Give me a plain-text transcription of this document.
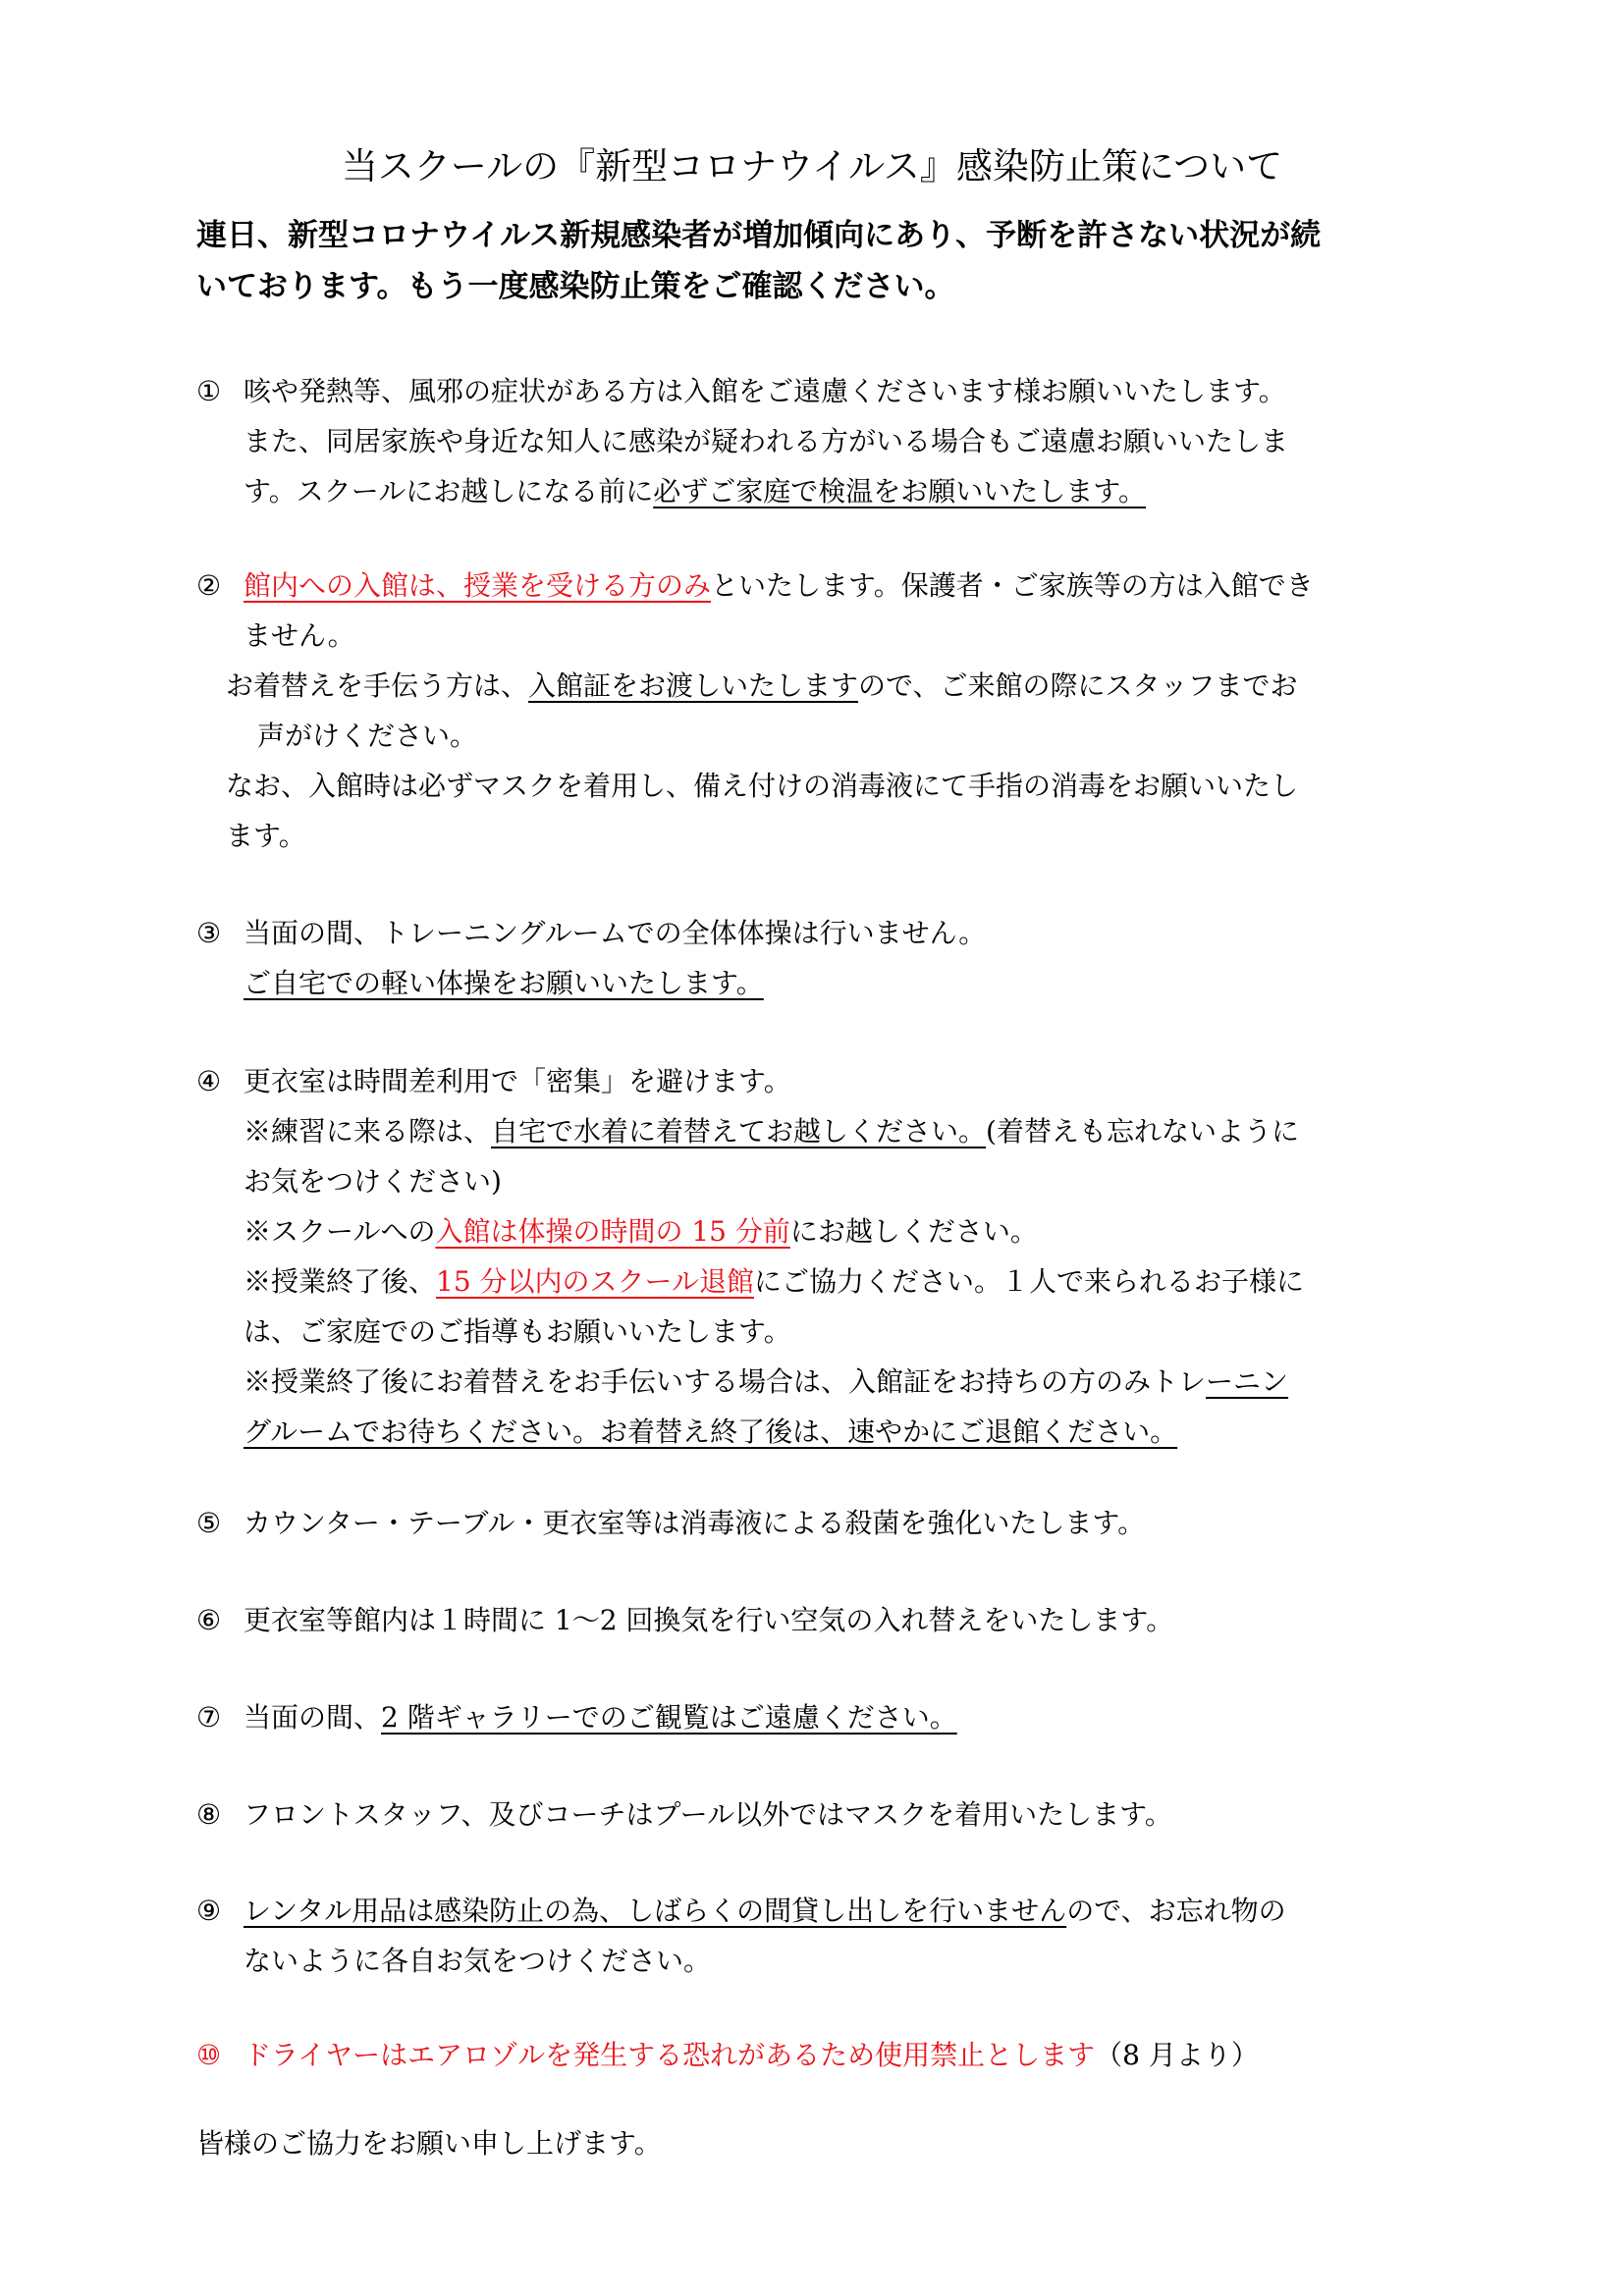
当スクールの『新型コロナウイルス』感染防止策について
連日、新型コロナウイルス新規感染者が増加傾向にあり、予断を許さない状況が続
いております。もう一度感染防止策をご確認ください。
① 咳や発熱等、風邪の症状がある方は入館をご遠慮くださいます様お願いいたします。
また、同居家族や身近な知人に感染が疑われる方がいる場合もご遠慮お願いいたしま
す。スクールにお越しになる前に必ずご家庭で検温をお願いいたします。
② 館内への入館は、授業を受ける方のみといたします。保護者・ご家族等の方は入館でき
ません。
お着替えを手伝う方は、入館証をお渡しいたしますので、ご来館の際にスタッフまでお
声がけください。
なお、入館時は必ずマスクを着用し、備え付けの消毒液にて手指の消毒をお願いいたし
ます。
③ 当面の間、トレーニングルームでの全体体操は行いません。
ご自宅での軽い体操をお願いいたします。
④ 更衣室は時間差利用で「密集」を避けます。
※練習に来る際は、自宅で水着に着替えてお越しください。(着替えも忘れないように
お気をつけください)
※スクールへの入館は体操の時間の 15 分前にお越しください。
※授業終了後、15 分以内のスクール退館にご協力ください。１人で来られるお子様に
は、ご家庭でのご指導もお願いいたします。
※授業終了後にお着替えをお手伝いする場合は、入館証をお持ちの方のみトレーニン
グルームでお待ちください。お着替え終了後は、速やかにご退館ください。
⑤ カウンター・テーブル・更衣室等は消毒液による殺菌を強化いたします。
⑥ 更衣室等館内は１時間に 1～2 回換気を行い空気の入れ替えをいたします。
⑦ 当面の間、2 階ギャラリーでのご観覧はご遠慮ください。
⑧ フロントスタッフ、及びコーチはプール以外ではマスクを着用いたします。
⑨ レンタル用品は感染防止の為、しばらくの間貸し出しを行いませんので、お忘れ物の
ないように各自お気をつけください。
⑩ ドライヤーはエアロゾルを発生する恐れがあるため使用禁止とします（8 月より）
皆様のご協力をお願い申し上げます。
